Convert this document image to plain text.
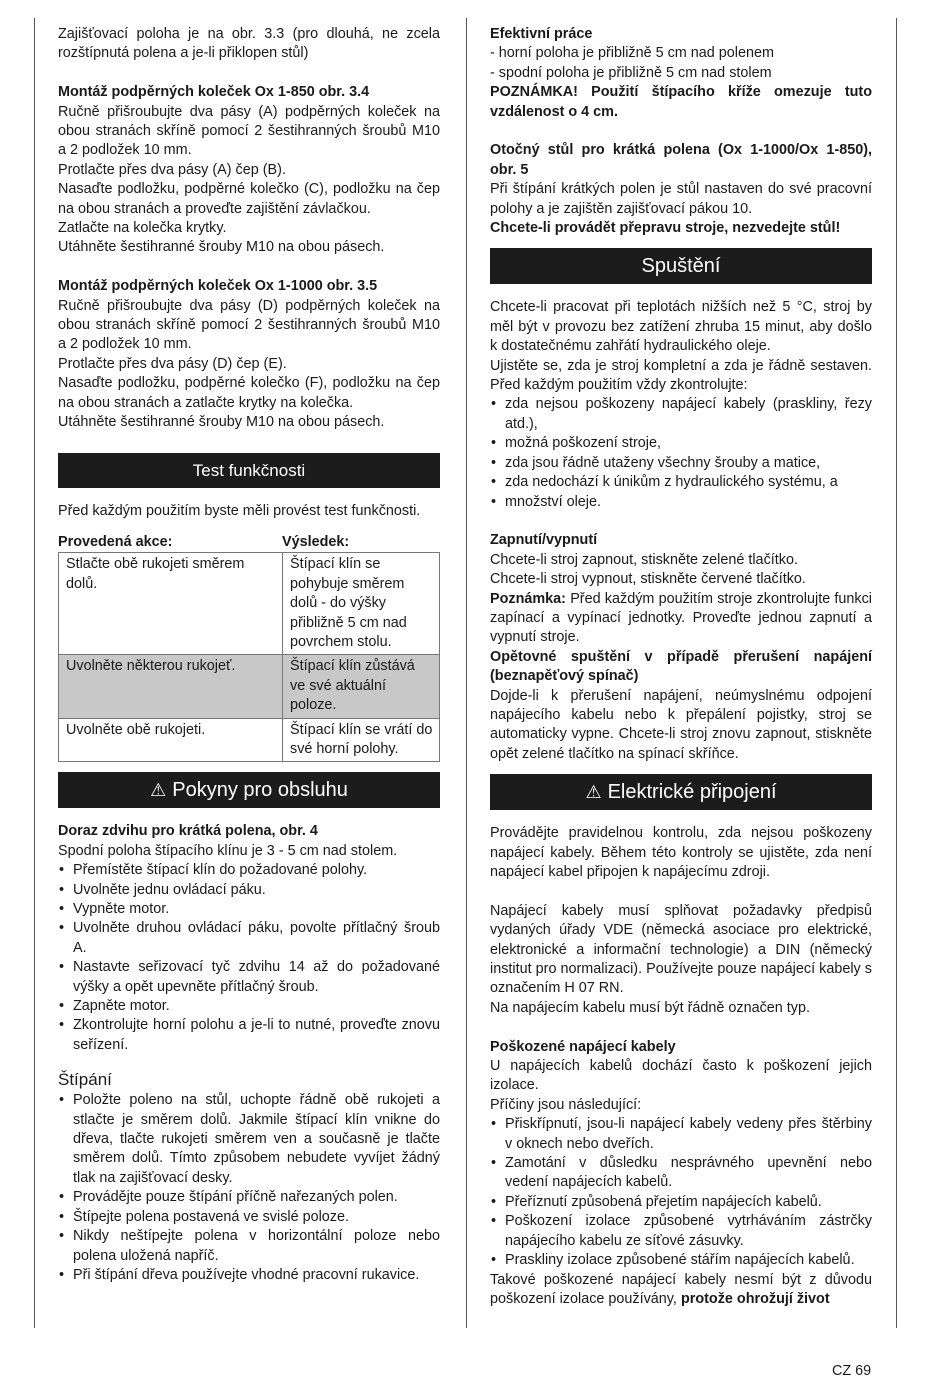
Zajišťovací poloha je na obr. 3.3 (pro dlouhá, ne zcela rozštípnutá polena a je-li přiklopen stůl)

Montáž podpěrných koleček Ox 1-850 obr. 3.4

Ručně přišroubujte dva pásy (A) podpěrných koleček na obou stranách skříně pomocí 2 šestihranných šroubů M10 a 2 podložek 10 mm.

Protlačte přes dva pásy (A) čep (B).

Nasaďte podložku, podpěrné kolečko (C), podložku na čep na obou stranách a proveďte zajištění závlačkou.

Zatlačte na kolečka krytky.

Utáhněte šestihranné šrouby M10 na obou pásech.

Montáž podpěrných koleček Ox 1-1000 obr. 3.5

Ručně přišroubujte dva pásy (D) podpěrných koleček na obou stranách skříně pomocí 2 šestihranných šroubů M10 a 2 podložek 10 mm.

Protlačte přes dva pásy (D) čep (E).

Nasaďte podložku, podpěrné kolečko (F), podložku na čep na obou stranách a zatlačte krytky na kolečka.

Utáhněte šestihranné šrouby M10 na obou pásech.

Test funkčnosti

Před každým použitím byste měli provést test funkčnosti.

Provedená akce:	Výsledek:
Stlačte obě rukojeti směrem dolů.	Štípací klín se pohybuje směrem dolů - do výšky přibližně 5 cm nad povrchem stolu.
Uvolněte některou rukojeť.	Štípací klín zůstává ve své aktuální poloze.
Uvolněte obě rukojeti.	Štípací klín se vrátí do své horní polohy.
⚠ Pokyny pro obsluhu

Doraz zdvihu pro krátká polena, obr. 4

Spodní poloha štípacího klínu je 3 - 5 cm nad stolem.

• Přemístěte štípací klín do požadované polohy.
• Uvolněte jednu ovládací páku.
• Vypněte motor.
• Uvolněte druhou ovládací páku, povolte přítlačný šroub A.
• Nastavte seřizovací tyč zdvihu 14 až do požadované výšky a opět upevněte přítlačný šroub.
• Zapněte motor.
• Zkontrolujte horní polohu a je-li to nutné, proveďte znovu seřízení.
Štípání
• Položte poleno na stůl, uchopte řádně obě rukojeti a stlačte je směrem dolů. Jakmile štípací klín vnikne do dřeva, tlačte rukojeti směrem ven a současně je tlačte směrem dolů. Tímto způsobem nebudete vyvíjet žádný tlak na zajišťovací desky.
• Provádějte pouze štípání příčně nařezaných polen.
• Štípejte polena postavená ve svislé poloze.
• Nikdy neštípejte polena v horizontální poloze nebo polena uložená napříč.
• Při štípání dřeva používejte vhodné pracovní rukavice.

Efektivní práce

- horní poloha je přibližně 5 cm nad polenem

- spodní poloha je přibližně 5 cm nad stolem

POZNÁMKA! Použití štípacího kříže omezuje tuto vzdálenost o 4 cm.

Otočný stůl pro krátká polena (Ox 1-1000/Ox 1-850), obr. 5

Při štípání krátkých polen je stůl nastaven do své pracovní polohy a je zajištěn zajišťovací pákou 10.

Chcete-li provádět přepravu stroje, nezvedejte stůl!

Spuštění

Chcete-li pracovat při teplotách nižších než 5 °C, stroj by měl být v provozu bez zatížení zhruba 15 minut, aby došlo k dostatečnému zahřátí hydraulického oleje.

Ujistěte se, zda je stroj kompletní a zda je řádně sestaven. Před každým použitím vždy zkontrolujte:

• zda nejsou poškozeny napájecí kabely (praskliny, řezy atd.),
• možná poškození stroje,
• zda jsou řádně utaženy všechny šrouby a matice,
• zda nedochází k únikům z hydraulického systému, a
• množství oleje.

Zapnutí/vypnutí

Chcete-li stroj zapnout, stiskněte zelené tlačítko.

Chcete-li stroj vypnout, stiskněte červené tlačítko.

Poznámka: Před každým použitím stroje zkontrolujte funkci zapínací a vypínací jednotky. Proveďte jednou zapnutí a vypnutí stroje.

Opětovné spuštění v případě přerušení napájení (beznapěťový spínač)

Dojde-li k přerušení napájení, neúmyslnému odpojení napájecího kabelu nebo k přepálení pojistky, stroj se automaticky vypne. Chcete-li stroj znovu zapnout, stiskněte opět zelené tlačítko na spínací skříňce.

⚠ Elektrické připojení

Provádějte pravidelnou kontrolu, zda nejsou poškozeny napájecí kabely. Během této kontroly se ujistěte, zda není napájecí kabel připojen k napájecímu zdroji.

Napájecí kabely musí splňovat požadavky předpisů vydaných úřady VDE (německá asociace pro elektrické, elektronické a informační technologie) a DIN (německý institut pro normalizaci). Používejte pouze napájecí kabely s označením H 07 RN.

Na napájecím kabelu musí být řádně označen typ.

Poškozené napájecí kabely

U napájecích kabelů dochází často k poškození jejich izolace.

Příčiny jsou následující:

• Přiskřípnutí, jsou-li napájecí kabely vedeny přes štěrbiny v oknech nebo dveřích.
• Zamotání v důsledku nesprávného upevnění nebo vedení napájecích kabelů.
• Přeříznutí způsobená přejetím napájecích kabelů.
• Poškození izolace způsobené vytrháváním zástrčky napájecího kabelu ze síťové zásuvky.
• Praskliny izolace způsobené stářím napájecích kabelů.

Takové poškozené napájecí kabely nesmí být z důvodu poškození izolace používány, protože ohrožují život

CZ 69
